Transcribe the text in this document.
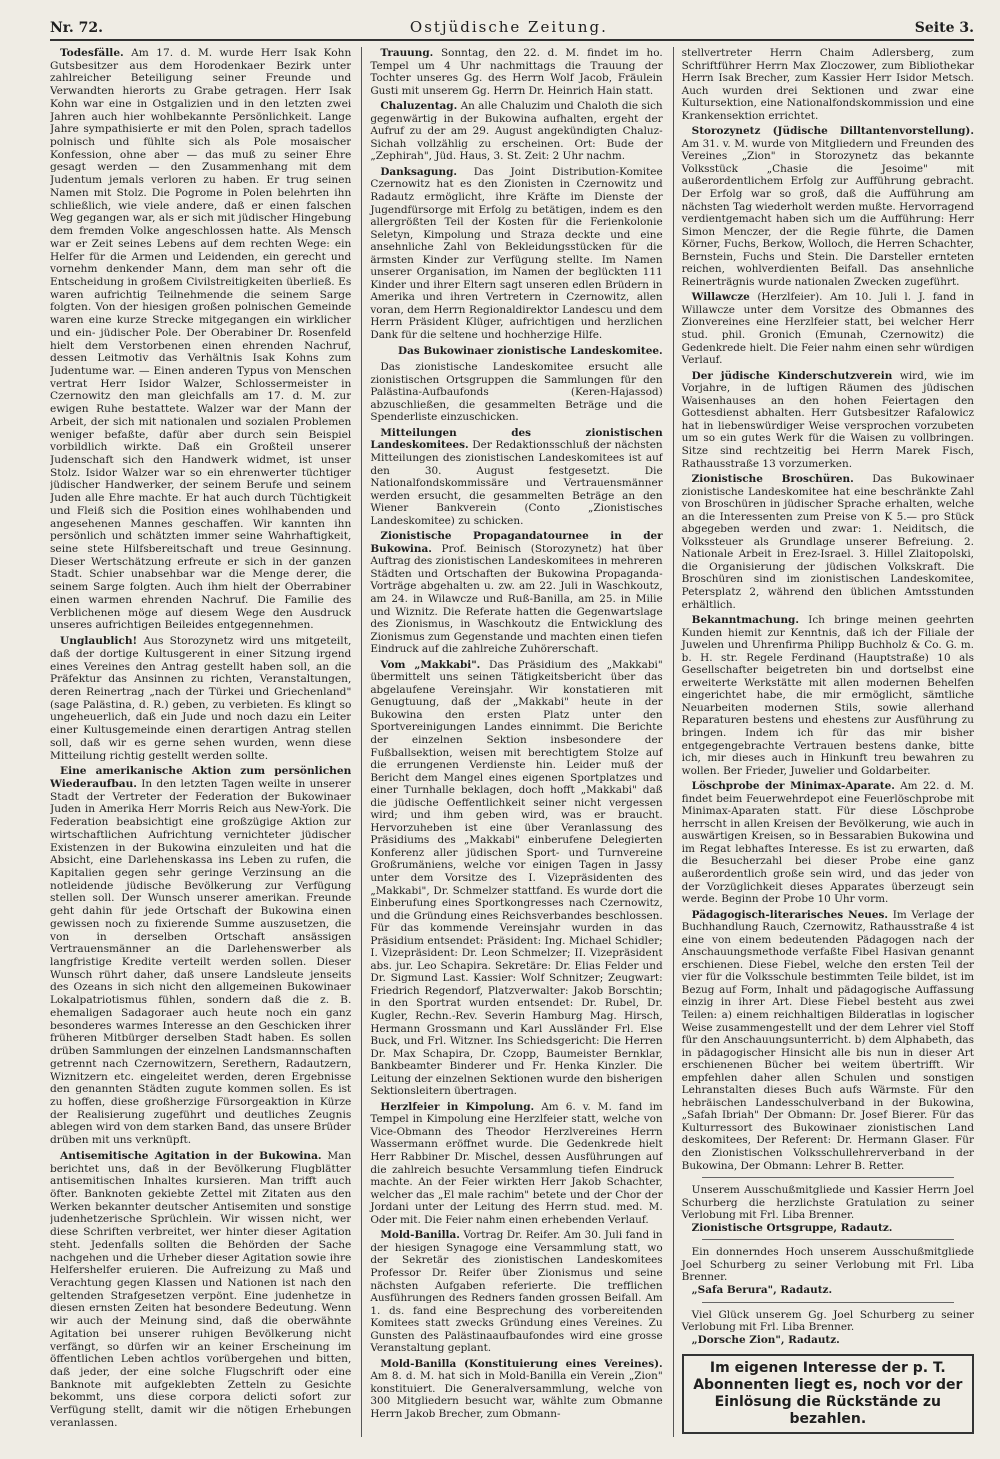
Nr. 72.	Ostjüdische Zeitung.	Seite 3.

Todesfälle. Am 17. d. M. wurde Herr Isak Kohn Gutsbesitzer aus dem Horodenkaer Bezirk unter zahlreicher Beteiligung seiner Freunde und Verwandten hierorts zu Grabe getragen. Herr Isak Kohn war eine in Ostgalizien und in den letzten zwei Jahren auch hier wohlbekannte Persönlichkeit. Lange Jahre sympathisierte er mit den Polen, sprach tadellos polnisch und fühlte sich als Pole mosaischer Konfession, ohne aber — das muß zu seiner Ehre gesagt werden — den Zusammenhang mit dem Judentum jemals verloren zu haben. Er trug seinen Namen mit Stolz. Die Pogrome in Polen belehrten ihn schließlich, wie viele andere, daß er einen falschen Weg gegangen war, als er sich mit jüdischer Hingebung dem fremden Volke angeschlossen hatte. Als Mensch war er Zeit seines Lebens auf dem rechten Wege: ein Helfer für die Armen und Leidenden, ein gerecht und vornehm denkender Mann, dem man sehr oft die Entscheidung in großem Civilstreitigkeiten überließ. Es waren aufrichtig Teilnehmende die seinem Sarge folgten. Von der hiesigen großen polnischen Gemeinde waren eine kurze Strecke mitgegangen ein wirklicher und ein- jüdischer Pole. Der Oberabiner Dr. Rosenfeld hielt dem Verstorbenen einen ehrenden Nachruf, dessen Leitmotiv das Verhältnis Isak Kohns zum Judentume war. — Einen anderen Typus von Menschen vertrat Herr Isidor Walzer, Schlossermeister in Czernowitz den man gleichfalls am 17. d. M. zur ewigen Ruhe bestattete. Walzer war der Mann der Arbeit, der sich mit nationalen und sozialen Problemen weniger befaßte, dafür aber durch sein Beispiel vorbildlich wirkte. Daß ein Großteil unserer Judenschaft sich den Handwerk widmet, ist unser Stolz. Isidor Walzer war so ein ehrenwerter tüchtiger jüdischer Handwerker, der seinem Berufe und seinem Juden alle Ehre machte. Er hat auch durch Tüchtigkeit und Fleiß sich die Position eines wohlhabenden und angesehenen Mannes geschaffen. Wir kannten ihn persönlich und schätzten immer seine Wahrhaftigkeit, seine stete Hilfsbereitschaft und treue Gesinnung. Dieser Wertschätzung erfreute er sich in der ganzen Stadt. Schier unabsehbar war die Menge derer, die seinem Sarge folgten. Auch ihm hielt der Oberrabiner einen warmen ehrenden Nachruf. Die Familie des Verblichenen möge auf diesem Wege den Ausdruck unseres aufrichtigen Beileides entgegennehmen.

Unglaublich! Aus Storozynetz wird uns mitgeteilt, daß der dortige Kultusgerent in einer Sitzung irgend eines Vereines den Antrag gestellt haben soll, an die Präfektur das Ansinnen zu richten, Veranstaltungen, deren Reinertrag „nach der Türkei und Griechenland" (sage Palästina, d. R.) geben, zu verbieten. Es klingt so ungeheuerlich, daß ein Jude und noch dazu ein Leiter einer Kultusgemeinde einen derartigen Antrag stellen soll, daß wir es gerne sehen wurden, wenn diese Mitteilung richtig gestellt werden sollte.

Eine amerikanische Aktion zum persönlichen Wiederaufbau. In den letzten Tagen weilte in unserer Stadt der Vertreter der Federation der Bukowinaer Juden in Amerika Herr Morris Reich aus New-York. Die Federation beabsichtigt eine großzügige Aktion zur wirtschaftlichen Aufrichtung vernichteter jüdischer Existenzen in der Bukowina einzuleiten und hat die Absicht, eine Darlehenskassa ins Leben zu rufen, die Kapitalien gegen sehr geringe Verzinsung an die notleidende jüdische Bevölkerung zur Verfügung stellen soll. Der Wunsch unserer amerikan. Freunde geht dahin für jede Ortschaft der Bukowina einen gewissen noch zu fixierende Summe auszusetzen, die von in derselben Ortschaft ansässigen Vertrauensmänner an die Darlehenswerber als langfristige Kredite verteilt werden sollen. Dieser Wunsch rührt daher, daß unsere Landsleute jenseits des Ozeans in sich nicht den allgemeinen Bukowinaer Lokalpatriotismus fühlen, sondern daß die z. B. ehemaligen Sadagoraer auch heute noch ein ganz besonderes warmes Interesse an den Geschicken ihrer früheren Mitbürger derselben Stadt haben. Es sollen drüben Sammlungen der einzelnen Landsmannschaften getrennt nach Czernowitzern, Serethern, Radautzern, Wiznitzern etc. eingeleitet werden, deren Ergebnisse den genannten Städten zugute kommen sollen. Es ist zu hoffen, diese großherzige Fürsorgeaktion in Kürze der Realisierung zugeführt und deutliches Zeugnis ablegen wird von dem starken Band, das unsere Brüder drüben mit uns verknüpft.

Antisemitische Agitation in der Bukowina. Man berichtet uns, daß in der Bevölkerung Flugblätter antisemitischen Inhaltes kursieren. Man trifft auch öfter. Banknoten gekiebte Zettel mit Zitaten aus den Werken bekannter deutscher Antisemiten und sonstige judenhetzerische Sprüchlein. Wir wissen nicht, wer diese Schriften verbreitet, wer hinter dieser Agitation steht. Jedenfalls sollten die Behörden der Sache nachgehen und die Urheber dieser Agitation sowie ihre Helfershelfer eruieren. Die Aufreizung zu Maß und Verachtung gegen Klassen und Nationen ist nach den geltenden Strafgesetzen verpönt. Eine judenhetze in diesen ernsten Zeiten hat besondere Bedeutung. Wenn wir auch der Meinung sind, daß die oberwähnte Agitation bei unserer ruhigen Bevölkerung nicht verfängt, so dürfen wir an keiner Erscheinung im öffentlichen Leben achtlos vorübergehen und bitten, daß jeder, der eine solche Flugschrift oder eine Banknote mit aufgeklebten Zetteln zu Gesichte bekommt, uns diese corpora delicti sofort zur Verfügung stellt, damit wir die nötigen Erhebungen veranlassen.

Trauung. Sonntag, den 22. d. M. findet im ho. Tempel um 4 Uhr nachmittags die Trauung der Tochter unseres Gg. des Herrn Wolf Jacob, Fräulein Gusti mit unserem Gg. Herrn Dr. Heinrich Hain statt.

Chaluzentag. An alle Chaluzim und Chaloth die sich gegenwärtig in der Bukowina aufhalten, ergeht der Aufruf zu der am 29. August angekündigten Chaluz-Sichah vollzählig zu erscheinen. Ort: Bude der „Zephirah", Jüd. Haus, 3. St. Zeit: 2 Uhr nachm.

Danksagung. Das Joint Distribution-Komitee Czernowitz hat es den Zionisten in Czernowitz und Radautz ermöglicht, ihre Kräfte im Dienste der Jugendfürsorge mit Erfolg zu betätigen, indem es den allergrößten Teil der Kosten für die Ferienkolonie Seletyn, Kimpolung und Straza deckte und eine ansehnliche Zahl von Bekleidungsstücken für die ärmsten Kinder zur Verfügung stellte. Im Namen unserer Organisation, im Namen der beglückten 111 Kinder und ihrer Eltern sagt unseren edlen Brüdern in Amerika und ihren Vertretern in Czernowitz, allen voran, dem Herrn Regionaldirektor Landescu und dem Herrn Präsident Klüger, aufrichtigen und herzlichen Dank für die seltene und hochherzige Hilfe.

Das Bukowinaer zionistische Landeskomitee.

Das zionistische Landeskomitee ersucht alle zionistischen Ortsgruppen die Sammlungen für den Palästina-Aufbaufonds (Keren-Hajassod) abzuschließen, die gesammelten Beträge und die Spenderliste einzuschicken.

Mitteilungen des zionistischen Landeskomitees. Der Redaktionsschluß der nächsten Mitteilungen des zionistischen Landeskomitees ist auf den 30. August festgesetzt. Die Nationalfondskommissäre und Vertrauensmänner werden ersucht, die gesammelten Beträge an den Wiener Bankverein (Conto „Zionistisches Landeskomitee) zu schicken.

Zionistische Propagandatournee in der Bukowina. Prof. Beinisch (Storozynetz) hat über Auftrag des zionistischen Landeskomitees in mehreren Städten und Ortschaften der Bukowina Propaganda-Vorträge abgehalten u. zw. am 22. Juli in Waschkoutz, am 24. in Wilawcze und Ruß-Banilla, am 25. in Milie und Wiznitz. Die Referate hatten die Gegenwartslage des Zionismus, in Waschkoutz die Entwicklung des Zionismus zum Gegenstande und machten einen tiefen Eindruck auf die zahlreiche Zuhörerschaft.

Vom „Makkabi". Das Präsidium des „Makkabi" übermittelt uns seinen Tätigkeitsbericht über das abgelaufene Vereinsjahr. Wir konstatieren mit Genugtuung, daß der „Makkabi" heute in der Bukowina den ersten Platz unter den Sportvereinigungen Landes einnimmt. Die Berichte der einzelnen Sektion insbesondere der Fußballsektion, weisen mit berechtigtem Stolze auf die errungenen Verdienste hin. Leider muß der Bericht dem Mangel eines eigenen Sportplatzes und einer Turnhalle beklagen, doch hofft „Makkabi" daß die jüdische Oeffentlichkeit seiner nicht vergessen wird; und ihm geben wird, was er braucht. Hervorzuheben ist eine über Veranlassung des Präsidiums des „Makkabi" einberufene Delegierten Konferenz aller jüdischen Sport- und Turnvereine Großrumäniens, welche vor einigen Tagen in Jassy unter dem Vorsitze des I. Vizepräsidenten des „Makkabi", Dr. Schmelzer stattfand. Es wurde dort die Einberufung eines Sportkongresses nach Czernowitz, und die Gründung eines Reichsverbandes beschlossen. Für das kommende Vereinsjahr wurden in das Präsidium entsendet: Präsident: Ing. Michael Schidler; I. Vizepräsident: Dr. Leon Schmelzer; II. Vizepräsident abs. jur. Leo Schapira. Sekretäre: Dr. Elias Felder und Dr. Sigmund Last. Kassier: Wolf Schnitzer; Zeugwart: Friedrich Regendorf, Platzverwalter: Jakob Borschtin; in den Sportrat wurden entsendet: Dr. Rubel, Dr. Kugler, Rechn.-Rev. Severin Hamburg Mag. Hirsch, Hermann Grossmann und Karl Aussländer Frl. Else Buck, und Frl. Witzner. Ins Schiedsgericht: Die Herren Dr. Max Schapira, Dr. Czopp, Baumeister Bernklar, Bankbeamter Binderer und Fr. Henka Kinzler. Die Leitung der einzelnen Sektionen wurde den bisherigen Sektionsleitern übertragen.

Herzlfeier in Kimpolung. Am 6. v. M. fand im Tempel in Kimpolung eine Herzlfeier statt, welche von Vice-Obmann des Theodor Herzlvereines Herrn Wassermann eröffnet wurde. Die Gedenkrede hielt Herr Rabbiner Dr. Mischel, dessen Ausführungen auf die zahlreich besuchte Versammlung tiefen Eindruck machte. An der Feier wirkten Herr Jakob Schachter, welcher das „El male rachim" betete und der Chor der Jordani unter der Leitung des Herrn stud. med. M. Oder mit. Die Feier nahm einen erhebenden Verlauf.

Mold-Banilla. Vortrag Dr. Reifer. Am 30. Juli fand in der hiesigen Synagoge eine Versammlung statt, wo der Sekretär des zionistischen Landeskomitees Professor Dr. Reifer über Zionismus und seine nächsten Aufgaben referierte. Die trefflichen Ausführungen des Redners fanden grossen Beifall. Am 1. ds. fand eine Besprechung des vorbereitenden Komitees statt zwecks Gründung eines Vereines. Zu Gunsten des Palästinaaufbaufondes wird eine grosse Veranstaltung geplant.

Mold-Banilla (Konstituierung eines Vereines). Am 8. d. M. hat sich in Mold-Banilla ein Verein „Zion" konstituiert. Die Generalversammlung, welche von 300 Mitgliedern besucht war, wählte zum Obmanne Herrn Jakob Brecher, zum Obmann-

stellvertreter Herrn Chaim Adlersberg, zum Schriftführer Herrn Max Zloczower, zum Bibliothekar Herrn Isak Brecher, zum Kassier Herr Isidor Metsch. Auch wurden drei Sektionen und zwar eine Kultursektion, eine Nationalfondskommission und eine Krankensektion errichtet.

Storozynetz (Jüdische Dilltantenvorstellung). Am 31. v. M. wurde von Mitgliedern und Freunden des Vereines „Zion" in Storozynetz das bekannte Volksstück „Chasie die Jesoime" mit außerordentlichem Erfolg zur Aufführung gebracht. Der Erfolg war so groß, daß die Aufführung am nächsten Tag wiederholt werden mußte. Hervorragend verdientgemacht haben sich um die Aufführung: Herr Simon Menczer, der die Regie führte, die Damen Körner, Fuchs, Berkow, Wolloch, die Herren Schachter, Bernstein, Fuchs und Stein. Die Darsteller ernteten reichen, wohlverdienten Beifall. Das ansehnliche Reinerträgnis wurde nationalen Zwecken zugeführt.

Willawcze (Herzlfeier). Am 10. Juli l. J. fand in Willawcze unter dem Vorsitze des Obmannes des Zionvereines eine Herzlfeier statt, bei welcher Herr stud. phil. Gronich (Emunah, Czernowitz) die Gedenkrede hielt. Die Feier nahm einen sehr würdigen Verlauf.

Der jüdische Kinderschutzverein wird, wie im Vorjahre, in de luftigen Räumen des jüdischen Waisenhauses an den hohen Feiertagen den Gottesdienst abhalten. Herr Gutsbesitzer Rafalowicz hat in liebenswürdiger Weise versprochen vorzubeten um so ein gutes Werk für die Waisen zu vollbringen. Sitze sind rechtzeitig bei Herrn Marek Fisch, Rathausstraße 13 vorzumerken.

Zionistische Broschüren. Das Bukowinaer zionistische Landeskomitee hat eine beschränkte Zahl von Broschüren in jüdischer Sprache erhalten, welche an die Interessenten zum Preise von K 5.— pro Stück abgegeben werden und zwar: 1. Neiditsch, die Volkssteuer als Grundlage unserer Befreiung. 2. Nationale Arbeit in Erez-Israel. 3. Hillel Zlaitopolski, die Organisierung der jüdischen Volkskraft. Die Broschüren sind im zionistischen Landeskomitee, Petersplatz 2, während den üblichen Amtsstunden erhältlich.

Bekanntmachung. Ich bringe meinen geehrten Kunden hiemit zur Kenntnis, daß ich der Filiale der Juwelen und Uhrenfirma Philipp Buchholz & Co. G. m. b. H. str. Regele Ferdinand (Hauptstraße) 10 als Gesellschafter beigetreten bin und dortselbst eine erweiterte Werkstätte mit allen modernen Behelfen eingerichtet habe, die mir ermöglicht, sämtliche Neuarbeiten modernen Stils, sowie allerhand Reparaturen bestens und ehestens zur Ausführung zu bringen. Indem ich für das mir bisher entgegengebrachte Vertrauen bestens danke, bitte ich, mir dieses auch in Hinkunft treu bewahren zu wollen. Ber Frieder, Juwelier und Goldarbeiter.

Löschprobe der Minimax-Aparate. Am 22. d. M. findet beim Feuerwehrdepot eine Feuerlöschprobe mit Minimax-Aparaten statt. Für diese Löschprobe herrscht in allen Kreisen der Bevölkerung, wie auch in auswärtigen Kreisen, so in Bessarabien Bukowina und im Regat lebhaftes Interesse. Es ist zu erwarten, daß die Besucherzahl bei dieser Probe eine ganz außerordentlich große sein wird, und das jeder von der Vorzüglichkeit dieses Apparates überzeugt sein werde. Beginn der Probe 10 Uhr vorm.

Pädagogisch-literarisches Neues. Im Verlage der Buchhandlung Rauch, Czernowitz, Rathausstraße 4 ist eine von einem bedeutenden Pädagogen nach der Anschauungsmethode verfaßte Fibel Hasivan genannt erschienen. Diese Fiebel, welche den ersten Teil der vier für die Volksschule bestimmten Teile bildet, ist im Bezug auf Form, Inhalt und pädagogische Auffassung einzig in ihrer Art. Diese Fiebel besteht aus zwei Teilen: a) einem reichhaltigen Bilderatlas in logischer Weise zusammengestellt und der dem Lehrer viel Stoff für den Anschauungsunterricht. b) dem Alphabeth, das in pädagogischer Hinsicht alle bis nun in dieser Art erschienenen Bücher bei weitem übertrifft. Wir empfehlen daher allen Schulen und sonstigen Lehranstalten dieses Buch aufs Wärmste. Für den hebräischen Landesschulverband in der Bukowina, „Safah Ibriah" Der Obmann: Dr. Josef Bierer. Für das Kulturressort des Bukowinaer zionistischen Land deskomitees, Der Referent: Dr. Hermann Glaser. Für den Zionistischen Volksschullehrerverband in der Bukowina, Der Obmann: Lehrer B. Retter.

Unserem Ausschußmitgliede und Kassier Herrn Joel Schurberg die herzlichste Gratulation zu seiner Verlobung mit Frl. Liba Brenner.

Zionistische Ortsgruppe, Radautz.

Ein donnerndes Hoch unserem Ausschußmitgliede Joel Schurberg zu seiner Verlobung mit Frl. Liba Brenner.

„Safa Berura", Radautz.

Viel Glück unserem Gg. Joel Schurberg zu seiner Verlobung mit Frl. Liba Brenner.

„Dorsche Zion", Radautz.

Im eigenen Interesse der p. T. Abonnenten liegt es, noch vor der Einlösung die Rückstände zu bezahlen.
